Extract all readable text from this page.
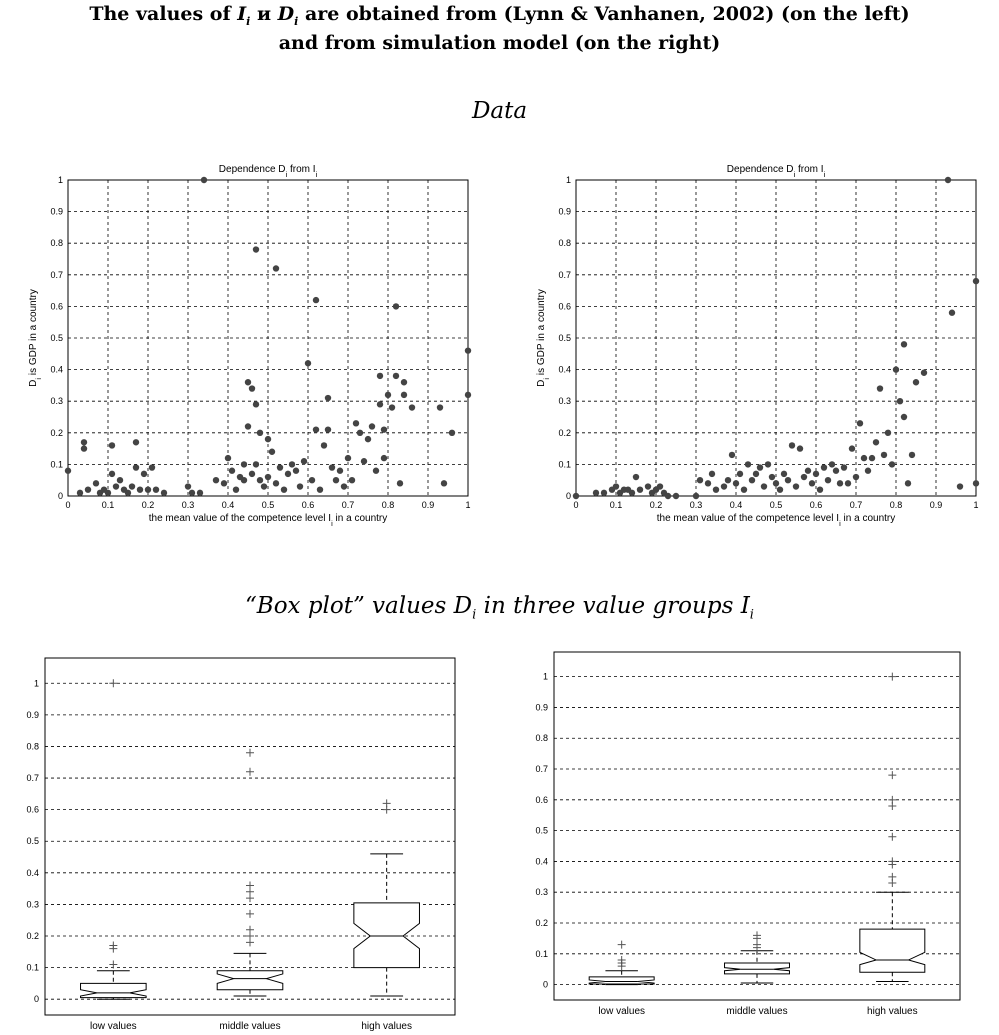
The values of $I_i$ и $D_i$ are obtained from (Lynn & Vanhanen, 2002) (on the left)
and from simulation model (on the right)
Data
“Box plot” values $D_i$ in three value groups $I_i$
0	0.1	0.2	0.3	0.4	0.5	0.6	0.7	0.8	0.9	1
0
0.1
0.2
0.3
0.4
0.5
0.6
0.7
0.8
0.9
1
Dependence $D_i$ from $I_i$
the mean value of the competence level $I_i$ in a country
$D_i$ is GDP in a country
0	0.1	0.2	0.3	0.4	0.5	0.6	0.7	0.8	0.9	1
0
0.1
0.2
0.3
0.4
0.5
0.6
0.7
0.8
0.9
1
Dependence $D_i$ from $I_i$
the mean value of the competence level $I_i$ in a country
$D_i$ is GDP in a country
0
0.1
0.2
0.3
0.4
0.5
0.6
0.7
0.8
0.9
1
low values	middle values	high values
0
0.1
0.2
0.3
0.4
0.5
0.6
0.7
0.8
0.9
1
low values	middle values	high values
